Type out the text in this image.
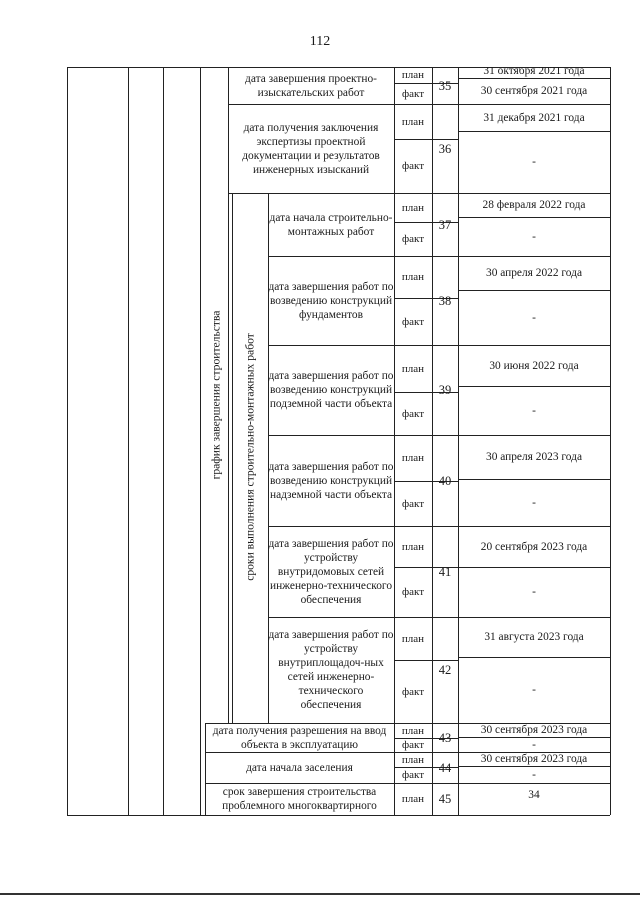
112
график завершения строительства сроки выполнения строительно-монтажных работ
дата завершения проектно-изыскательских работ
план
факт
35
31 октября 2021 года
30 сентября 2021 года
дата получения заключения экспертизы проектной документации и результатов инженерных изысканий
план
факт
36
31 декабря 2021 года
-
дата начала строительно-монтажных работ
план
факт
37
28 февраля 2022 года
-
дата завершения работ по возведению конструкций фундаментов
план
факт
38
30 апреля 2022 года
-
дата завершения работ по возведению конструкций подземной части объекта
план
факт
39
30 июня 2022 года
-
дата завершения работ по возведению конструкций надземной части объекта
план
факт
40
30 апреля 2023 года
-
дата завершения работ по устройству внутридомовых сетей инженерно-технического обеспечения
план
факт
41
20 сентября 2023 года
-
дата завершения работ по устройству внутриплощадоч-ных сетей инженерно-технического обеспечения
план
факт
42
31 августа 2023 года
-
дата получения разрешения на ввод объекта в эксплуатацию
план
факт
43
30 сентября 2023 года
-
дата начала заселения
план
факт
44
30 сентября 2023 года
-
срок завершения строительства проблемного многоквартирного
план	45	34
